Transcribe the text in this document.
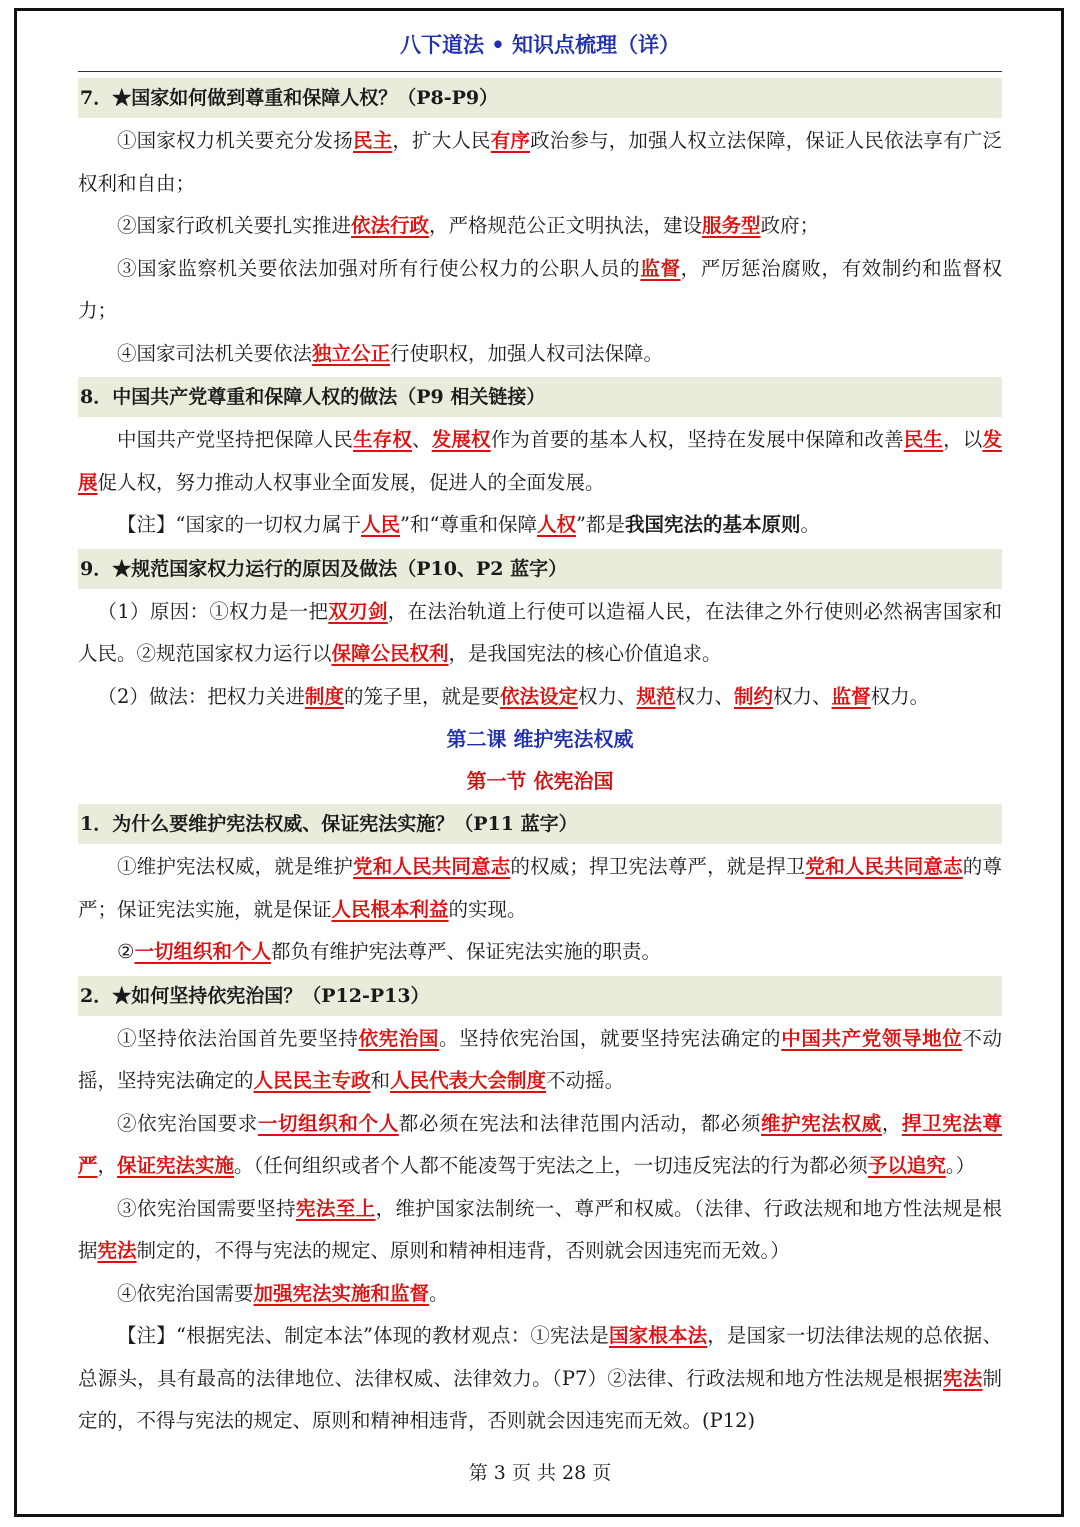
八下道法 • 知识点梳理（详）
7．★国家如何做到尊重和保障人权？（P8-P9）

①国家权力机关要充分发扬民主，扩大人民有序政治参与，加强人权立法保障，保证人民依法享有广泛权利和自由；

②国家行政机关要扎实推进依法行政，严格规范公正文明执法，建设服务型政府；

③国家监察机关要依法加强对所有行使公权力的公职人员的监督，严厉惩治腐败，有效制约和监督权力；

④国家司法机关要依法独立公正行使职权，加强人权司法保障。

8．中国共产党尊重和保障人权的做法（P9 相关链接）

中国共产党坚持把保障人民生存权、发展权作为首要的基本人权，坚持在发展中保障和改善民生，以发展促人权，努力推动人权事业全面发展，促进人的全面发展。

【注】“国家的一切权力属于人民”和“尊重和保障人权”都是我国宪法的基本原则。

9．★规范国家权力运行的原因及做法（P10、P2 蓝字）

（1）原因：①权力是一把双刃剑，在法治轨道上行使可以造福人民，在法律之外行使则必然祸害国家和人民。②规范国家权力运行以保障公民权利，是我国宪法的核心价值追求。

（2）做法：把权力关进制度的笼子里，就是要依法设定权力、规范权力、制约权力、监督权力。

第二课 维护宪法权威

第一节 依宪治国

1．为什么要维护宪法权威、保证宪法实施？（P11 蓝字）

①维护宪法权威，就是维护党和人民共同意志的权威；捍卫宪法尊严，就是捍卫党和人民共同意志的尊严；保证宪法实施，就是保证人民根本利益的实现。

②一切组织和个人都负有维护宪法尊严、保证宪法实施的职责。

2．★如何坚持依宪治国？（P12-P13）

①坚持依法治国首先要坚持依宪治国。坚持依宪治国，就要坚持宪法确定的中国共产党领导地位不动摇，坚持宪法确定的人民民主专政和人民代表大会制度不动摇。

②依宪治国要求一切组织和个人都必须在宪法和法律范围内活动，都必须维护宪法权威，捍卫宪法尊严，保证宪法实施。（任何组织或者个人都不能凌驾于宪法之上，一切违反宪法的行为都必须予以追究。）

③依宪治国需要坚持宪法至上，维护国家法制统一、尊严和权威。（法律、行政法规和地方性法规是根据宪法制定的，不得与宪法的规定、原则和精神相违背，否则就会因违宪而无效。）

④依宪治国需要加强宪法实施和监督。

【注】“根据宪法、制定本法”体现的教材观点：①宪法是国家根本法，是国家一切法律法规的总依据、总源头，具有最高的法律地位、法律权威、法律效力。（P7）②法律、行政法规和地方性法规是根据宪法制定的，不得与宪法的规定、原则和精神相违背，否则就会因违宪而无效。(P12)

第 3 页 共 28 页
